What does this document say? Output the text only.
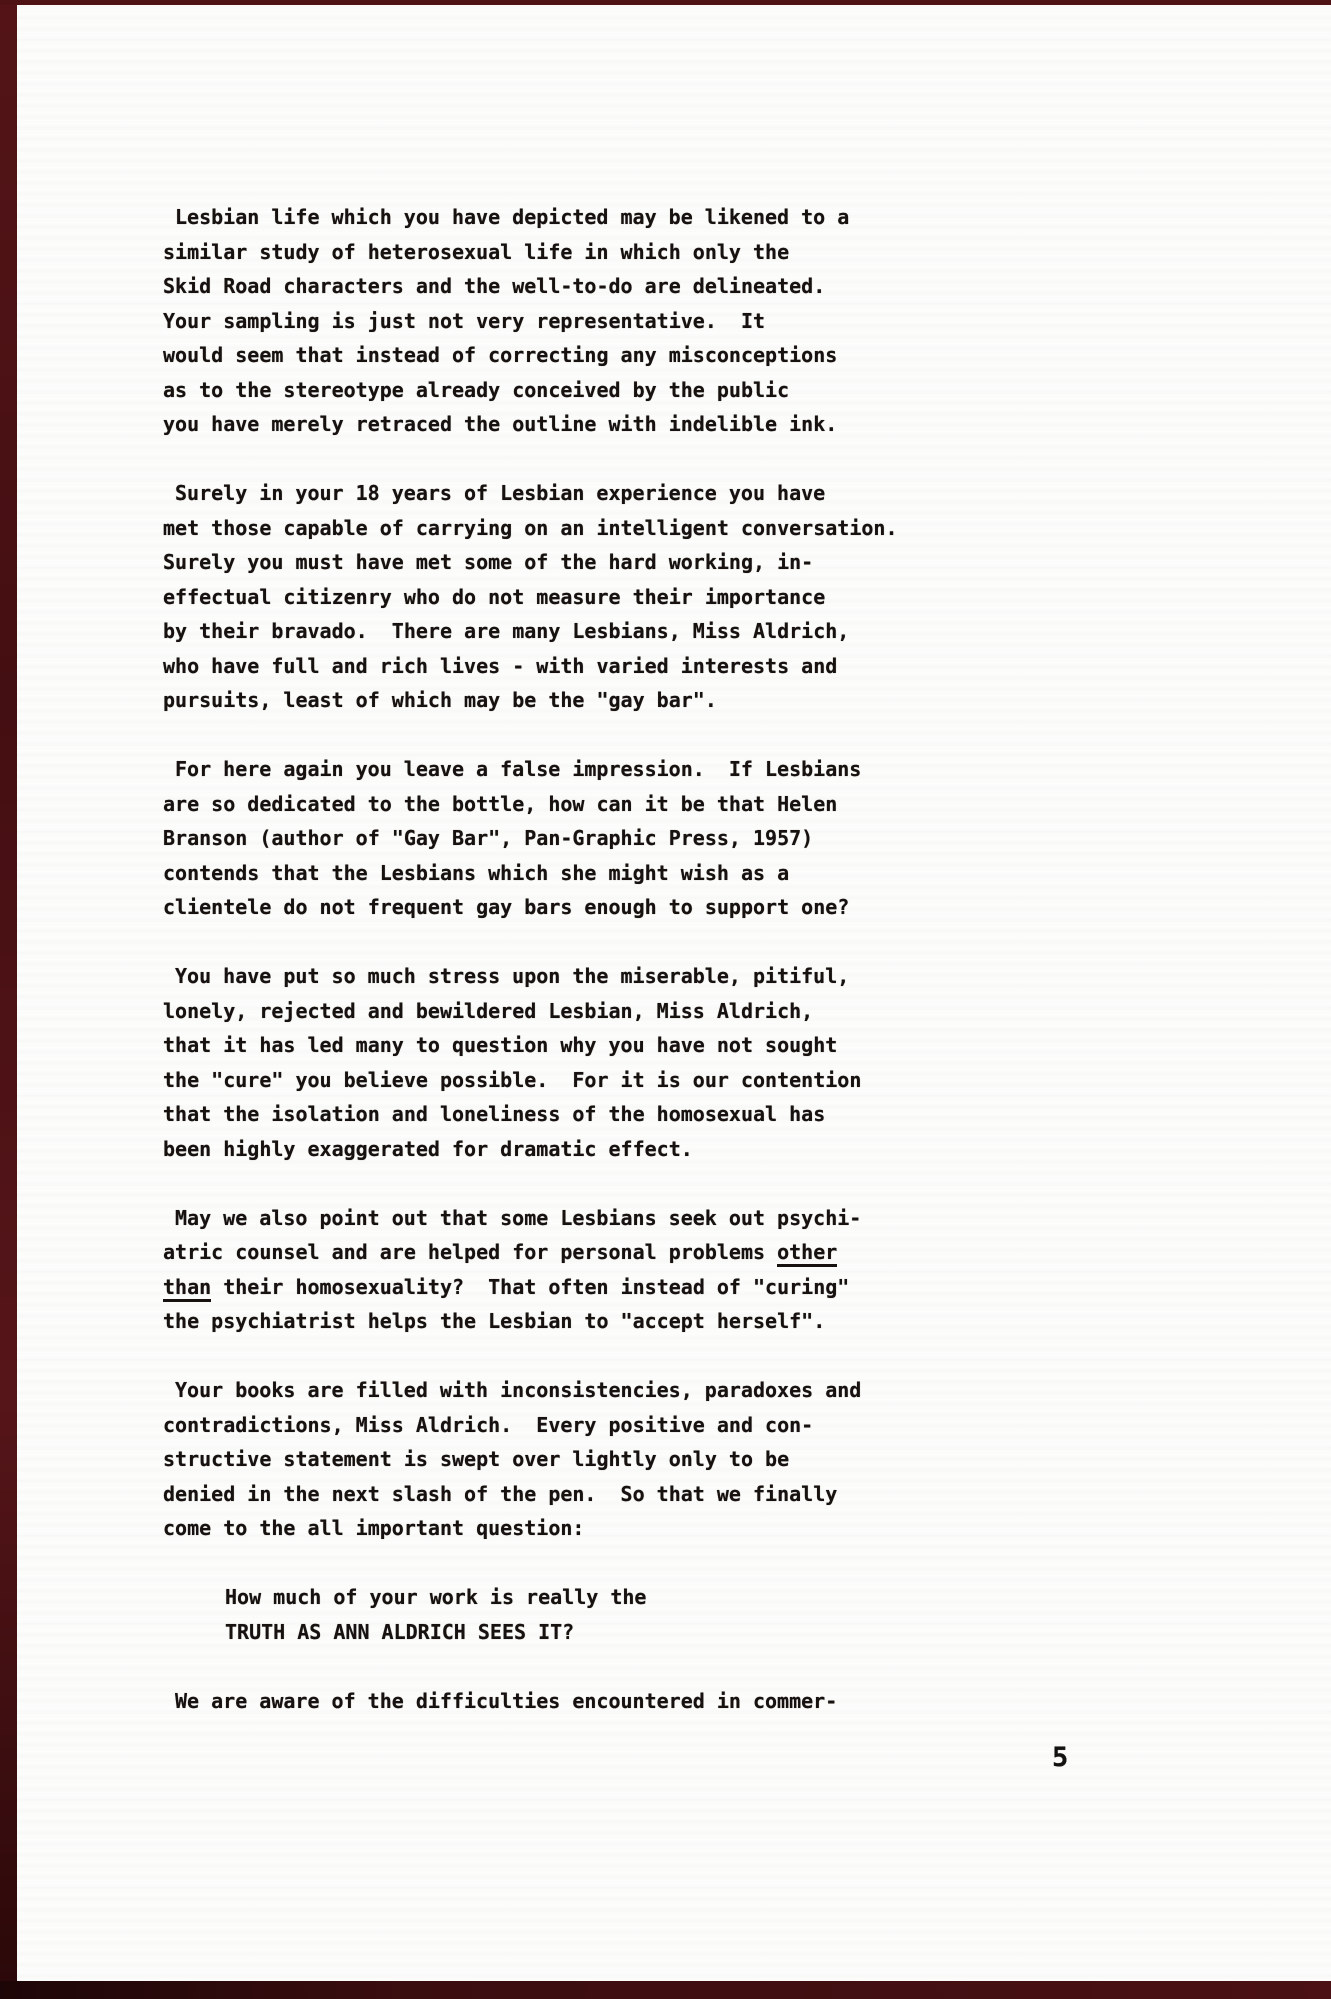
Lesbian life which you have depicted may be likened to a
similar study of heterosexual life in which only the
Skid Road characters and the well-to-do are delineated.
Your sampling is just not very representative.  It
would seem that instead of correcting any misconceptions
as to the stereotype already conceived by the public
you have merely retraced the outline with indelible ink.
Surely in your 18 years of Lesbian experience you have
met those capable of carrying on an intelligent conversation.
Surely you must have met some of the hard working, in-
effectual citizenry who do not measure their importance
by their bravado.  There are many Lesbians, Miss Aldrich,
who have full and rich lives - with varied interests and
pursuits, least of which may be the "gay bar".
For here again you leave a false impression.  If Lesbians
are so dedicated to the bottle, how can it be that Helen
Branson (author of "Gay Bar", Pan-Graphic Press, 1957)
contends that the Lesbians which she might wish as a
clientele do not frequent gay bars enough to support one?
You have put so much stress upon the miserable, pitiful,
lonely, rejected and bewildered Lesbian, Miss Aldrich,
that it has led many to question why you have not sought
the "cure" you believe possible.  For it is our contention
that the isolation and loneliness of the homosexual has
been highly exaggerated for dramatic effect.
May we also point out that some Lesbians seek out psychi-
atric counsel and are helped for personal problems other
than their homosexuality?  That often instead of "curing"
the psychiatrist helps the Lesbian to "accept herself".
Your books are filled with inconsistencies, paradoxes and
contradictions, Miss Aldrich.  Every positive and con-
structive statement is swept over lightly only to be
denied in the next slash of the pen.  So that we finally
come to the all important question:
How much of your work is really the
TRUTH AS ANN ALDRICH SEES IT?
We are aware of the difficulties encountered in commer-
5
